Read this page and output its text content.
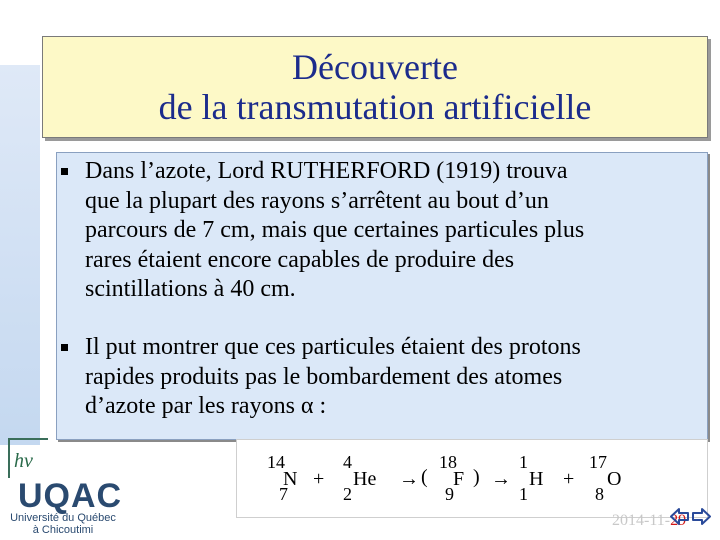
Découverte
de la transmutation artificielle
Dans l’azote, Lord RUTHERFORD (1919) trouva
que la plupart des rayons s’arrêtent au bout d’un
parcours de 7 cm, mais que certaines particules plus
rares étaient encore capables de produire des
scintillations à 40 cm.
Il put montrer que ces particules étaient des protons
rapides produits pas le bombardement des atomes
d’azote par les rayons α :
14
N
7
+
4
He
2
→ (
18
F
9
) →
1
H
1
+
17
O
8
hν
UQAC
Université du Québec
à Chicoutimi
2014-11-29
